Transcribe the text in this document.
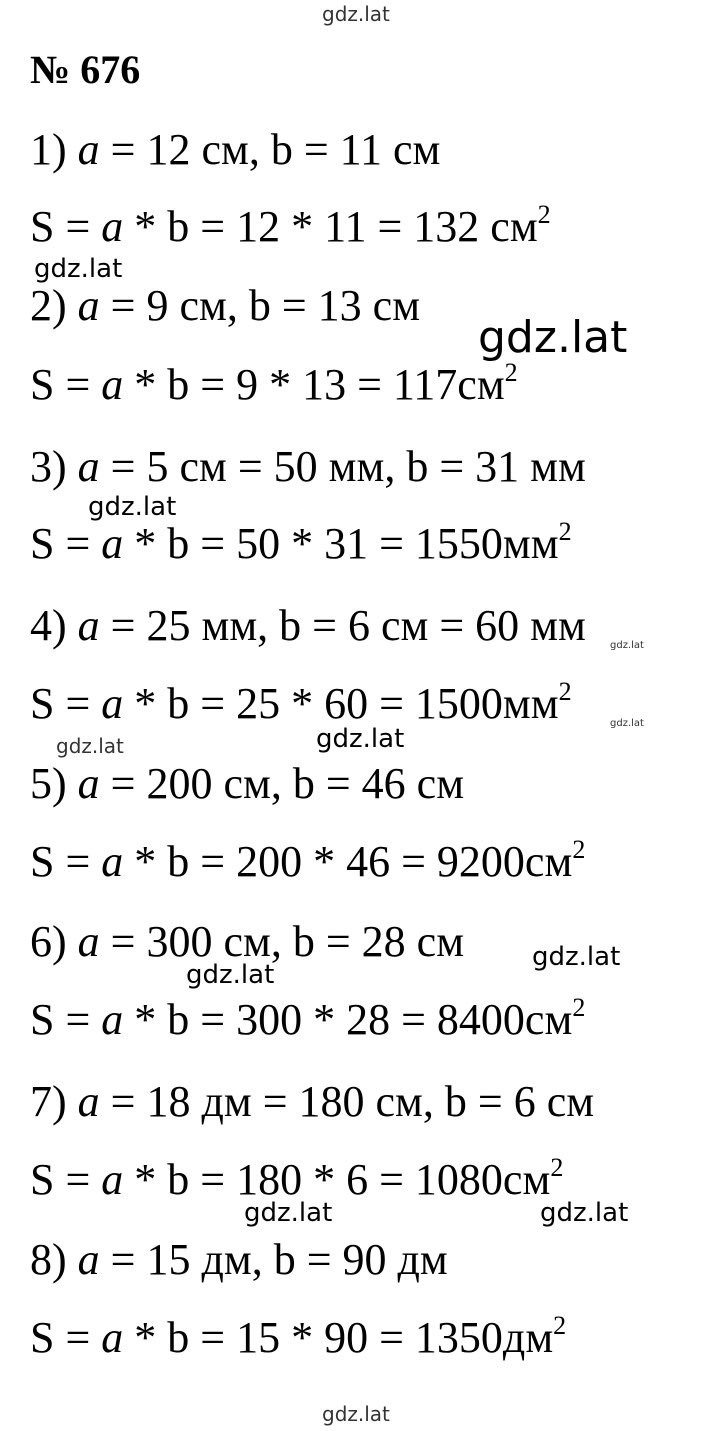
gdz.lat
№ 676
1) a = 12 см, b = 11 см
S = a * b = 12 * 11 = 132 $см^2$
gdz.lat
2) a = 9 см, b = 13 см
gdz.lat
$S = a * b = 9 * 13 = 117см^2$
3) a = 5 см = 50 мм, b = 31 мм
gdz.lat
$S = a * b = 50 * 31 = 1550мм^2$
4) a = 25 мм, b = 6 см = 60 мм gdz.lat
$S = a * b = 25 * 60 = 1500мм^2$
gdz.lat
gdz.lat	gdz.lat
5) a = 200 см, b = 46 см
$S = a * b = 200 * 46 = 9200см^2$
6) a = 300 см, b = 28 см	gdz.lat
gdz.lat
$S = a * b = 300 * 28 = 8400см^2$
7) a = 18 дм = 180 см, b = 6 см
$S = a * b = 180 * 6 = 1080см^2$
gdz.lat	gdz.lat
8) a = 15 дм, b = 90 дм
$S = a * b = 15 * 90 = 1350дм^2$
gdz.lat
